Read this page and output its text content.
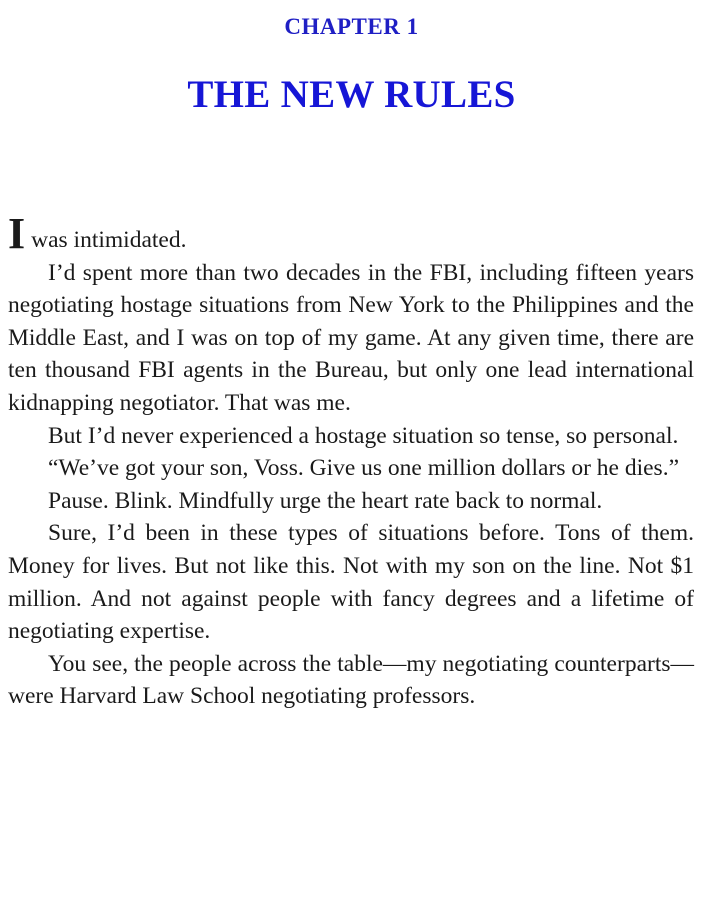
CHAPTER 1
THE NEW RULES

Iwas intimidated.

I’d spent more than two decades in the FBI, including fifteen years negotiating hostage situations from New York to the Philippines and the Middle East, and I was on top of my game. At any given time, there are ten thousand FBI agents in the Bureau, but only one lead international kidnapping negotiator. That was me.

But I’d never experienced a hostage situation so tense, so personal.

“We’ve got your son, Voss. Give us one million dollars or he dies.”

Pause. Blink. Mindfully urge the heart rate back to normal.

Sure, I’d been in these types of situations before. Tons of them. Money for lives. But not like this. Not with my son on the line. Not $1 million. And not against people with fancy degrees and a lifetime of negotiating expertise.

You see, the people across the table—my negotiating counterparts—were Harvard Law School negotiating professors.
